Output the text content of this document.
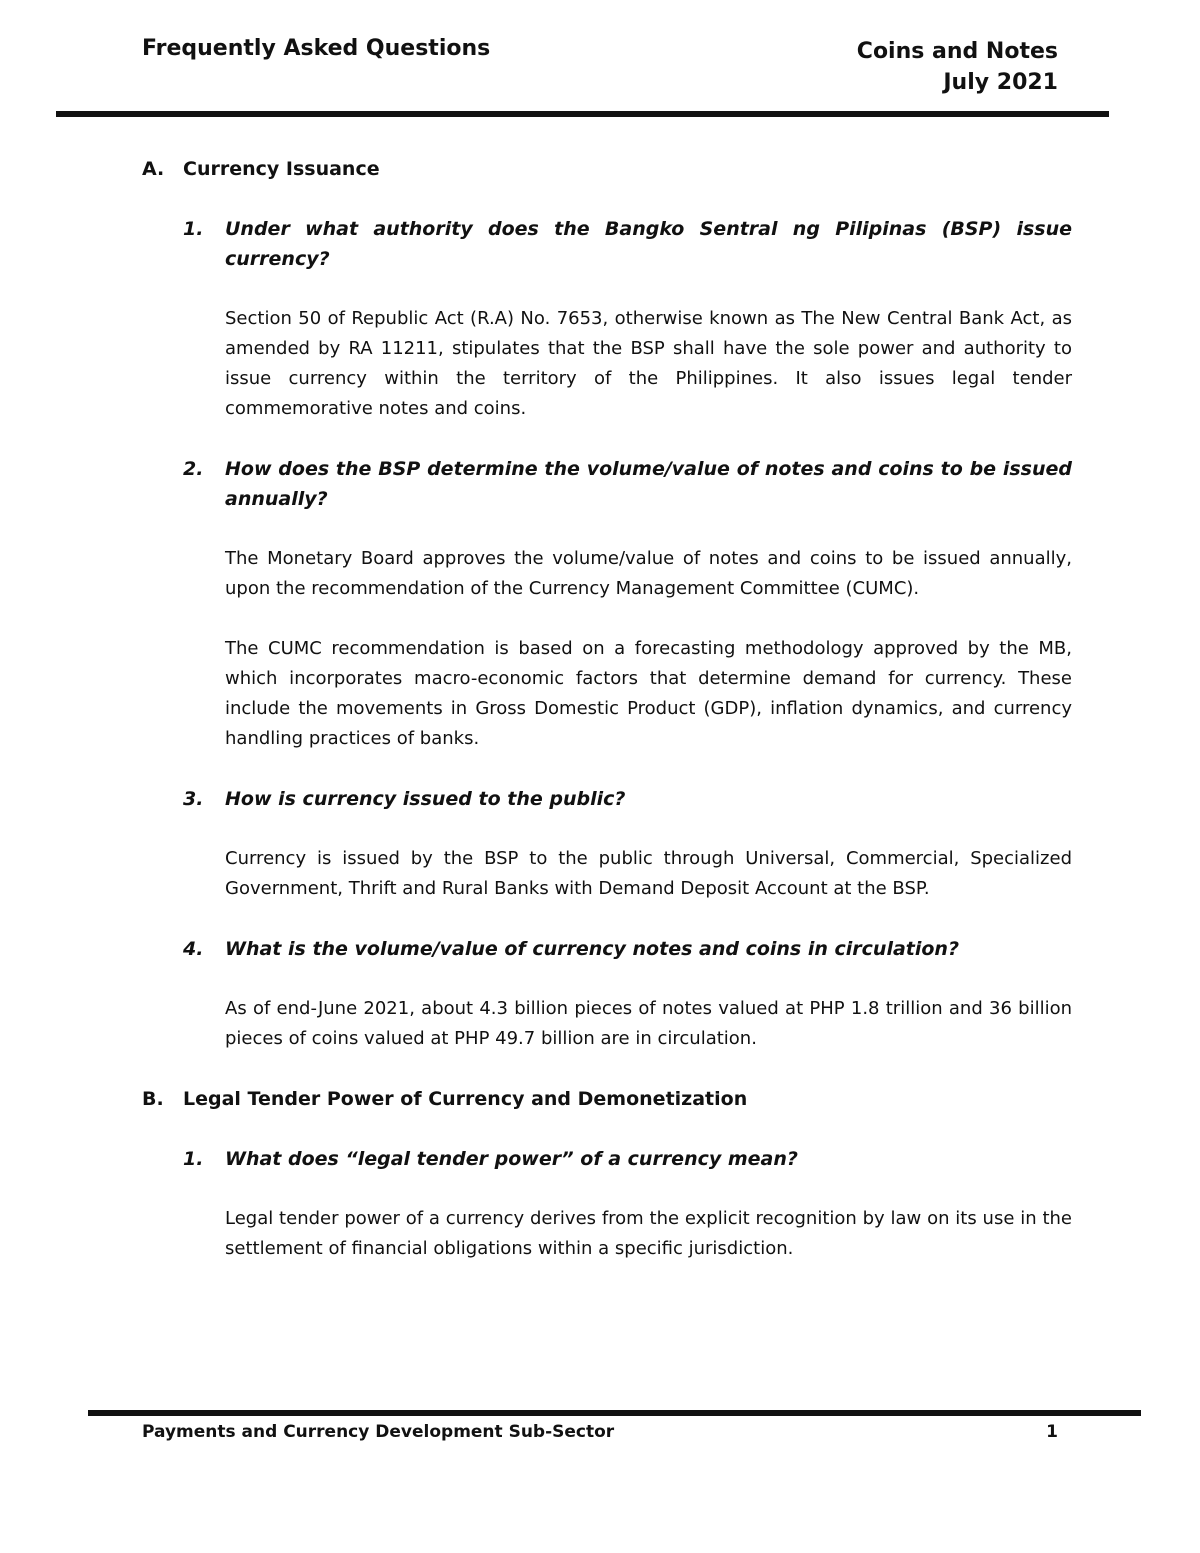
Frequently Asked Questions	Coins and Notes
July 2021
A. Currency Issuance
1. Under what authority does the Bangko Sentral ng Pilipinas (BSP) issue currency?
Section 50 of Republic Act (R.A) No. 7653, otherwise known as The New Central Bank Act, as amended by RA 11211, stipulates that the BSP shall have the sole power and authority to issue currency within the territory of the Philippines. It also issues legal tender commemorative notes and coins.
2. How does the BSP determine the volume/value of notes and coins to be issued annually?
The Monetary Board approves the volume/value of notes and coins to be issued annually, upon the recommendation of the Currency Management Committee (CUMC).
The CUMC recommendation is based on a forecasting methodology approved by the MB, which incorporates macro-economic factors that determine demand for currency. These include the movements in Gross Domestic Product (GDP), inflation dynamics, and currency handling practices of banks.
3. How is currency issued to the public?
Currency is issued by the BSP to the public through Universal, Commercial, Specialized Government, Thrift and Rural Banks with Demand Deposit Account at the BSP.
4. What is the volume/value of currency notes and coins in circulation?
As of end-June 2021, about 4.3 billion pieces of notes valued at PHP 1.8 trillion and 36 billion pieces of coins valued at PHP 49.7 billion are in circulation.
B. Legal Tender Power of Currency and Demonetization
1. What does “legal tender power” of a currency mean?
Legal tender power of a currency derives from the explicit recognition by law on its use in the settlement of financial obligations within a specific jurisdiction.
Payments and Currency Development Sub-Sector	1
